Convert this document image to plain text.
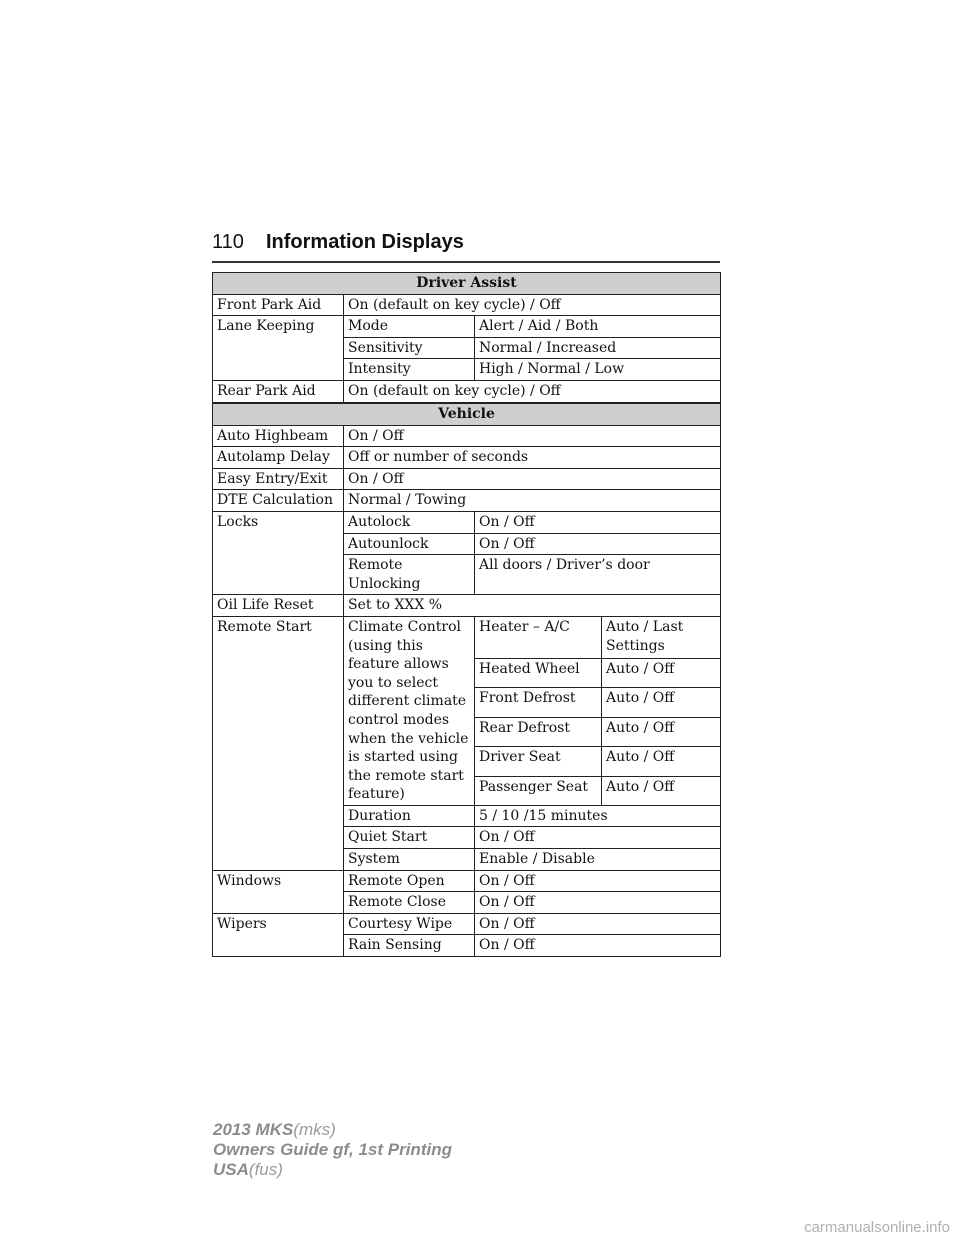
110 Information Displays
Driver Assist		
Front Park Aid	On (default on key cycle) / Off	
Lane Keeping	Mode	Alert / Aid / Both
	Sensitivity	Normal / Increased
	Intensity	High / Normal / Low
Rear Park Aid	On (default on key cycle) / Off	
Vehicle			
Auto Highbeam	On / Off		
Autolamp Delay	Off or number of seconds		
Easy Entry/Exit	On / Off		
DTE Calculation	Normal / Towing		
Locks	Autolock	On / Off	
	Autounlock	On / Off	
	Remote Unlocking	All doors / Driver’s door	
Oil Life Reset	Set to XXX %		
Remote Start	Climate Control (using this feature allows you to select different climate control modes when the vehicle is started using the remote start feature)	Heater – A/C	Auto / Last Settings
		Heated Wheel	Auto / Off
		Front Defrost	Auto / Off
		Rear Defrost	Auto / Off
		Driver Seat	Auto / Off
		Passenger Seat	Auto / Off
	Duration	5 / 10 /15 minutes	
	Quiet Start	On / Off	
	System	Enable / Disable	
Windows	Remote Open	On / Off	
	Remote Close	On / Off	
Wipers	Courtesy Wipe	On / Off	
	Rain Sensing	On / Off	
2013 MKS(mks)
Owners Guide gf, 1st Printing
USA(fus)
carmanualsonline.info
